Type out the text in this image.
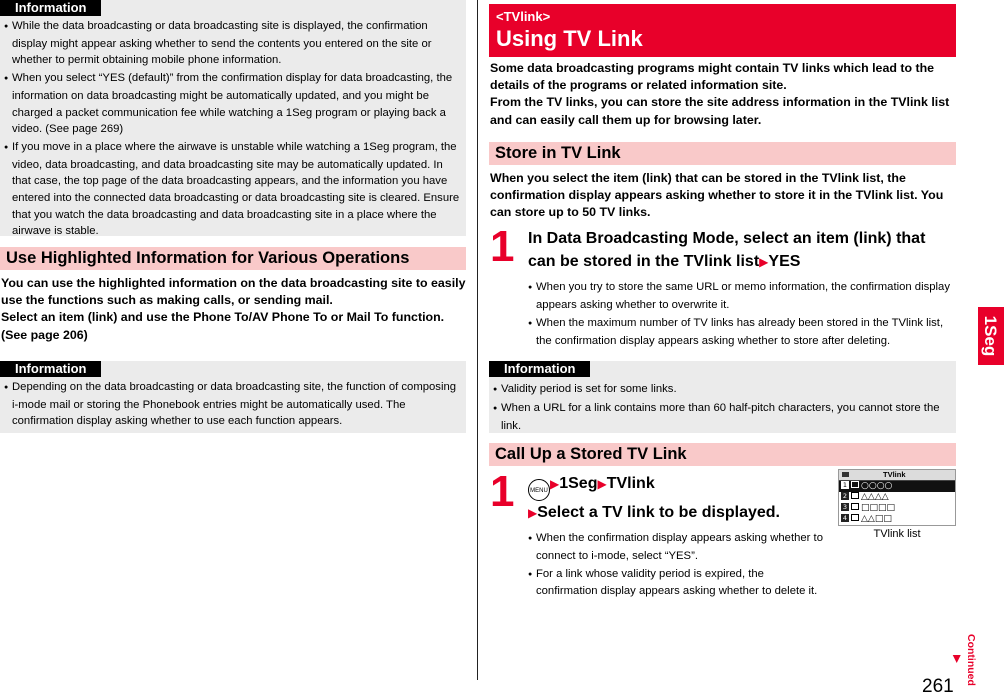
Information

● While the data broadcasting or data broadcasting site is displayed, the confirmation display might appear asking whether to send the contents you entered on the site or whether to permit obtaining mobile phone information.

● When you select “YES (default)” from the confirmation display for data broadcasting, the information on data broadcasting might be automatically updated, and you might be charged a packet communication fee while watching a 1Seg program or playing back a video. (See page 269)

● If you move in a place where the airwave is unstable while watching a 1Seg program, the video, data broadcasting, and data broadcasting site may be automatically updated. In that case, the top page of the data broadcasting appears, and the information you have entered into the connected data broadcasting or data broadcasting site is cleared. Ensure that you watch the data broadcasting and data broadcasting site in a place where the airwave is stable.

Use Highlighted Information for Various Operations
You can use the highlighted information on the data broadcasting site to easily use the functions such as making calls, or sending mail.
Select an item (link) and use the Phone To/AV Phone To or Mail To function. (See page 206)
Information

● Depending on the data broadcasting or data broadcasting site, the function of composing i-mode mail or storing the Phonebook entries might be automatically used. The confirmation display asking whether to use each function appears.

<TVlink>
Using TV Link
Some data broadcasting programs might contain TV links which lead to the details of the programs or related information site.
From the TV links, you can store the site address information in the TVlink list and can easily call them up for browsing later.
Store in TV Link
When you select the item (link) that can be stored in the TVlink list, the confirmation display appears asking whether to store it in the TVlink list. You can store up to 50 TV links.
1 In Data Broadcasting Mode, select an item (link) that can be stored in the TVlink list▶YES

● When you try to store the same URL or memo information, the confirmation display appears asking whether to overwrite it.

● When the maximum number of TV links has already been stored in the TVlink list, the confirmation display appears asking whether to store after deleting.

Information

● Validity period is set for some links.

● When a URL for a link contains more than 60 half-pitch characters, you cannot store the link.

Call Up a Stored TV Link
1	MENU ▶1Seg▶TVlink
▶Select a TV link to be displayed.

● When the confirmation display appears asking whether to connect to i-mode, select “YES”.

● For a link whose validity period is expired, the confirmation display appears asking whether to delete it.

TVlink
1 ○○○○
2 △△△△
3 □□□□
4 △△□□
TVlink list
1Seg
261
Continued ▶
